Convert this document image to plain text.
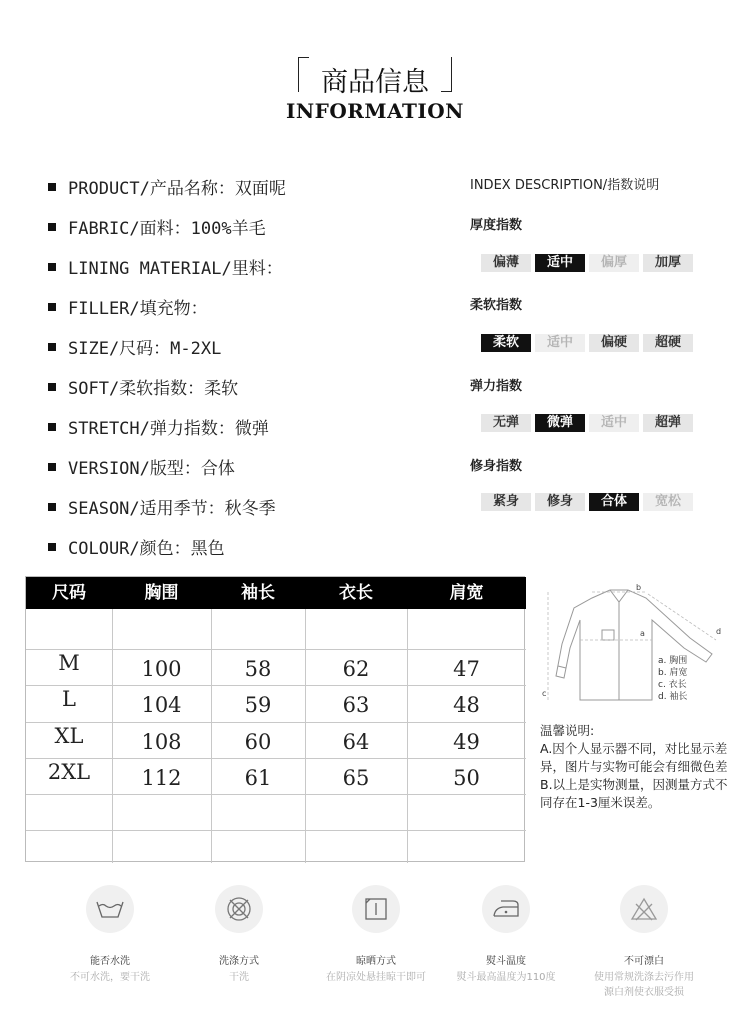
商品信息
INFORMATION
PRODUCT/产品名称：双面呢
FABRIC/面料：100%羊毛
LINING MATERIAL/里料：
FILLER/填充物：
SIZE/尺码：M-2XL
SOFT/柔软指数：柔软
STRETCH/弹力指数：微弹
VERSION/版型：合体
SEASON/适用季节：秋冬季
COLOUR/颜色：黑色
INDEX DESCRIPTION/指数说明
厚度指数
偏薄	适中	偏厚	加厚
柔软指数
柔软	适中	偏硬	超硬
弹力指数
无弹	微弹	适中	超弹
修身指数
紧身	修身	合体	宽松
尺码	胸围	袖长	衣长	肩宽
M	100	58	62	47
L	104	59	63	48
XL	108	60	64	49
2XL	112	61	65	50
b
a
c
d
a. 胸围
b. 肩宽
c. 衣长
d. 袖长
温馨说明:
A.因个人显示器不同，对比显示差异，图片与实物可能会有细微色差
B.以上是实物测量，因测量方式不同存在1-3厘米误差。
能否水洗
不可水洗，要干洗
洗涤方式
干洗
晾晒方式
在阴凉处悬挂晾干即可
熨斗温度
熨斗最高温度为110度
不可漂白
使用常规洗涤去污作用
源白剂使衣服受损
